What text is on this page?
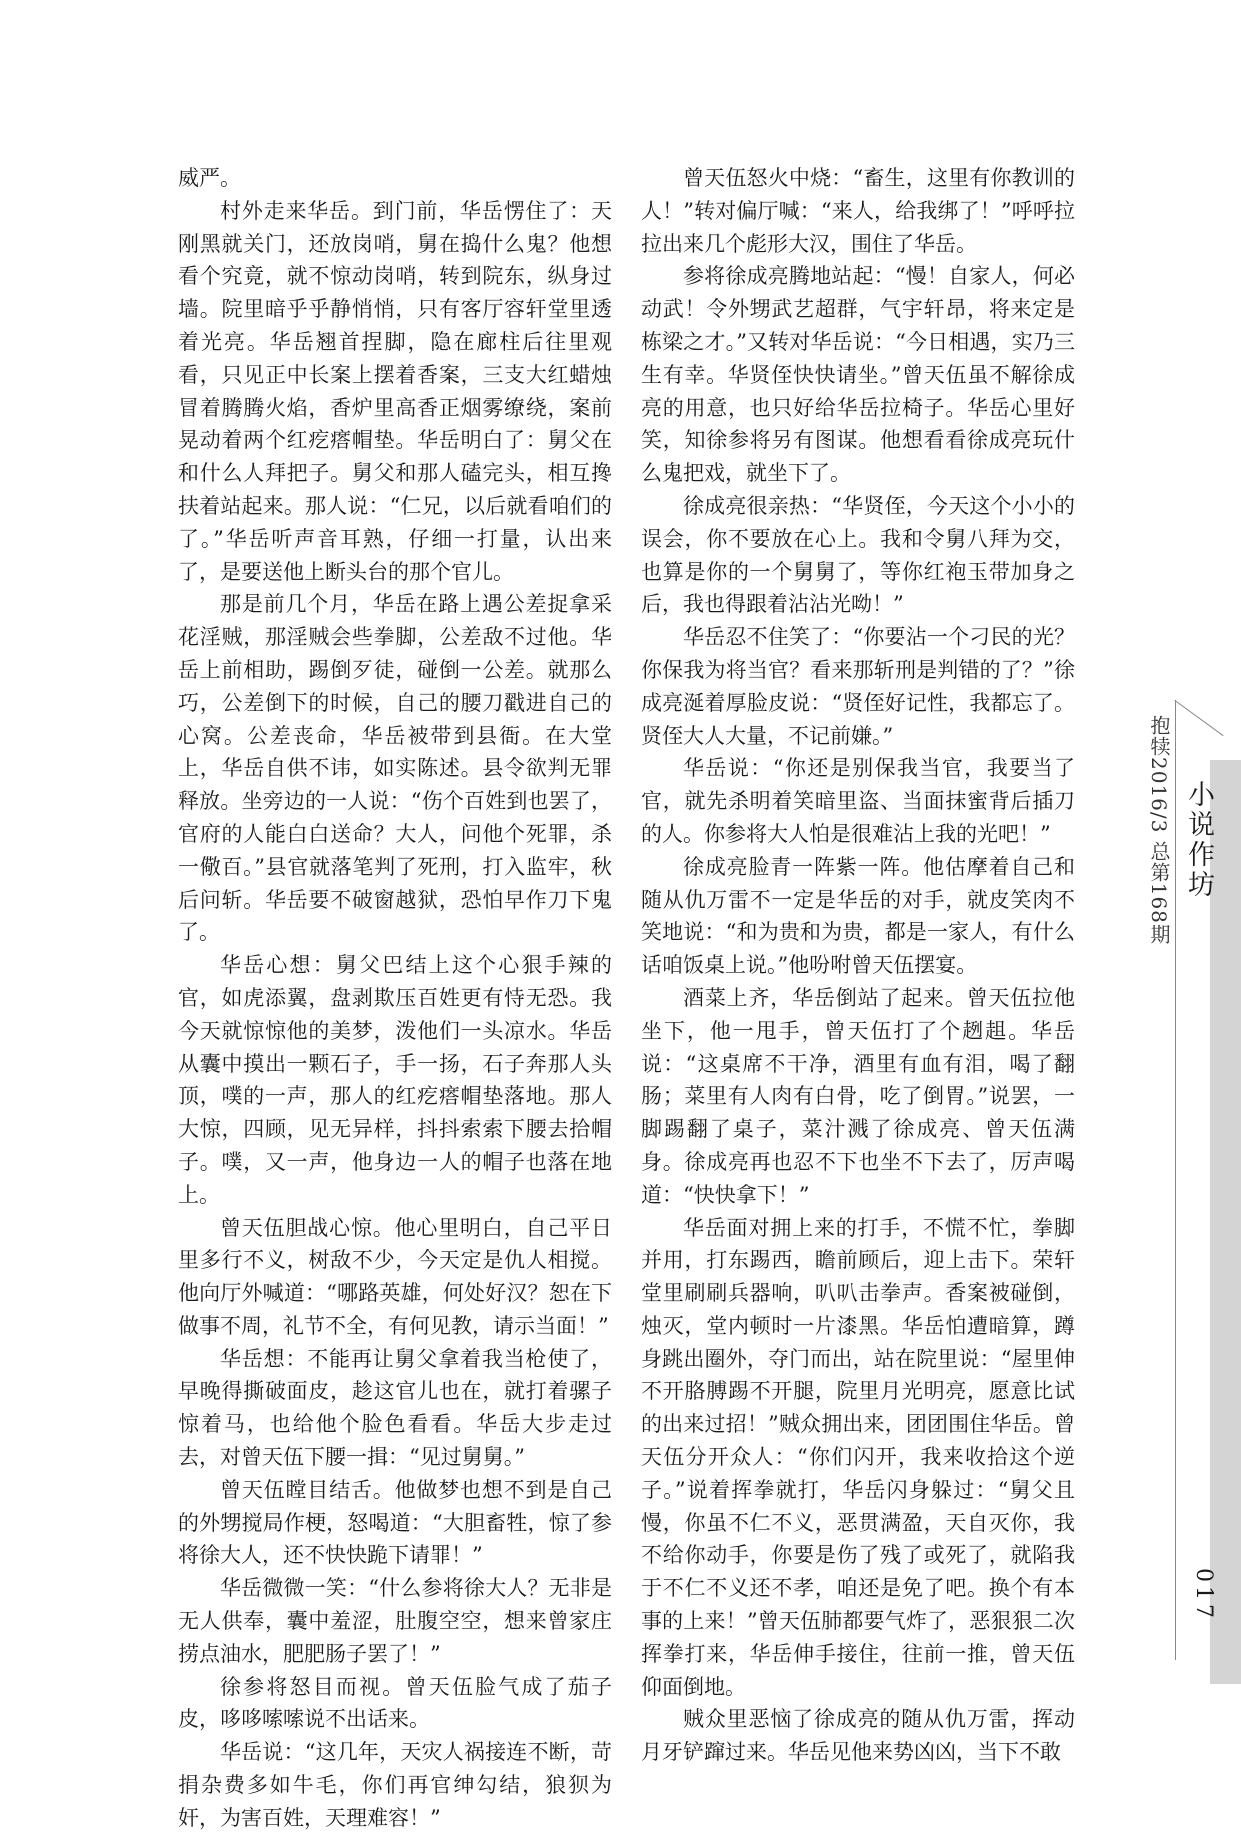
威严。

村外走来华岳。到门前，华岳愣住了：天刚黑就关门，还放岗哨，舅在捣什么鬼？他想看个究竟，就不惊动岗哨，转到院东，纵身过墙。院里暗乎乎静悄悄，只有客厅容轩堂里透着光亮。华岳翘首捏脚，隐在廊柱后往里观看，只见正中长案上摆着香案，三支大红蜡烛冒着腾腾火焰，香炉里高香正烟雾缭绕，案前晃动着两个红疙瘩帽垫。华岳明白了：舅父在和什么人拜把子。舅父和那人磕完头，相互搀扶着站起来。那人说：“仁兄，以后就看咱们的了。”华岳听声音耳熟，仔细一打量，认出来了，是要送他上断头台的那个官儿。

那是前几个月，华岳在路上遇公差捉拿采花淫贼，那淫贼会些拳脚，公差敌不过他。华岳上前相助，踢倒歹徒，碰倒一公差。就那么巧，公差倒下的时候，自己的腰刀戳进自己的心窝。公差丧命，华岳被带到县衙。在大堂上，华岳自供不讳，如实陈述。县令欲判无罪释放。坐旁边的一人说：“伤个百姓到也罢了，官府的人能白白送命？大人，问他个死罪，杀一儆百。”县官就落笔判了死刑，打入监牢，秋后问斩。华岳要不破窗越狱，恐怕早作刀下鬼了。

华岳心想：舅父巴结上这个心狠手辣的官，如虎添翼，盘剥欺压百姓更有恃无恐。我今天就惊惊他的美梦，泼他们一头凉水。华岳从囊中摸出一颗石子，手一扬，石子奔那人头顶，噗的一声，那人的红疙瘩帽垫落地。那人大惊，四顾，见无异样，抖抖索索下腰去拾帽子。噗，又一声，他身边一人的帽子也落在地上。

曾天伍胆战心惊。他心里明白，自己平日里多行不义，树敌不少，今天定是仇人相搅。他向厅外喊道：“哪路英雄，何处好汉？恕在下做事不周，礼节不全，有何见教，请示当面！”

华岳想：不能再让舅父拿着我当枪使了，早晚得撕破面皮，趁这官儿也在，就打着骡子惊着马，也给他个脸色看看。华岳大步走过去，对曾天伍下腰一揖：“见过舅舅。”

曾天伍瞠目结舌。他做梦也想不到是自己的外甥搅局作梗，怒喝道：“大胆畜牲，惊了参将徐大人，还不快快跪下请罪！”

华岳微微一笑：“什么参将徐大人？无非是无人供奉，囊中羞涩，肚腹空空，想来曾家庄捞点油水，肥肥肠子罢了！”

徐参将怒目而视。曾天伍脸气成了茄子皮，哆哆嗦嗦说不出话来。

华岳说：“这几年，天灾人祸接连不断，苛捐杂费多如牛毛，你们再官绅勾结，狼狈为奸，为害百姓，天理难容！”

曾天伍怒火中烧：“畜生，这里有你教训的人！”转对偏厅喊：“来人，给我绑了！”呼呼拉拉出来几个彪形大汉，围住了华岳。

参将徐成亮腾地站起：“慢！自家人，何必动武！令外甥武艺超群，气宇轩昂，将来定是栋梁之才。”又转对华岳说：“今日相遇，实乃三生有幸。华贤侄快快请坐。”曾天伍虽不解徐成亮的用意，也只好给华岳拉椅子。华岳心里好笑，知徐参将另有图谋。他想看看徐成亮玩什么鬼把戏，就坐下了。

徐成亮很亲热：“华贤侄，今天这个小小的误会，你不要放在心上。我和令舅八拜为交，也算是你的一个舅舅了，等你红袍玉带加身之后，我也得跟着沾沾光呦！”

华岳忍不住笑了：“你要沾一个刁民的光？你保我为将当官？看来那斩刑是判错的了？”徐成亮涎着厚脸皮说：“贤侄好记性，我都忘了。贤侄大人大量，不记前嫌。”

华岳说：“你还是别保我当官，我要当了官，就先杀明着笑暗里盗、当面抹蜜背后插刀的人。你参将大人怕是很难沾上我的光吧！”

徐成亮脸青一阵紫一阵。他估摩着自己和随从仇万雷不一定是华岳的对手，就皮笑肉不笑地说：“和为贵和为贵，都是一家人，有什么话咱饭桌上说。”他吩咐曾天伍摆宴。

酒菜上齐，华岳倒站了起来。曾天伍拉他坐下，他一甩手，曾天伍打了个趔趄。华岳说：“这桌席不干净，酒里有血有泪，喝了翻肠；菜里有人肉有白骨，吃了倒胃。”说罢，一脚踢翻了桌子，菜汁溅了徐成亮、曾天伍满身。徐成亮再也忍不下也坐不下去了，厉声喝道：“快快拿下！”

华岳面对拥上来的打手，不慌不忙，拳脚并用，打东踢西，瞻前顾后，迎上击下。荣轩堂里刷刷兵器响，叭叭击拳声。香案被碰倒，烛灭，堂内顿时一片漆黑。华岳怕遭暗算，蹲身跳出圈外，夺门而出，站在院里说：“屋里伸不开胳膊踢不开腿，院里月光明亮，愿意比试的出来过招！”贼众拥出来，团团围住华岳。曾天伍分开众人：“你们闪开，我来收拾这个逆子。”说着挥拳就打，华岳闪身躲过：“舅父且慢，你虽不仁不义，恶贯满盈，天自灭你，我不给你动手，你要是伤了残了或死了，就陷我于不仁不义还不孝，咱还是免了吧。换个有本事的上来！”曾天伍肺都要气炸了，恶狠狠二次挥拳打来，华岳伸手接住，往前一推，曾天伍仰面倒地。

贼众里恶恼了徐成亮的随从仇万雷，挥动月牙铲蹿过来。华岳见他来势凶凶，当下不敢

抱犊2016/3 总第168期 小说作坊
017
